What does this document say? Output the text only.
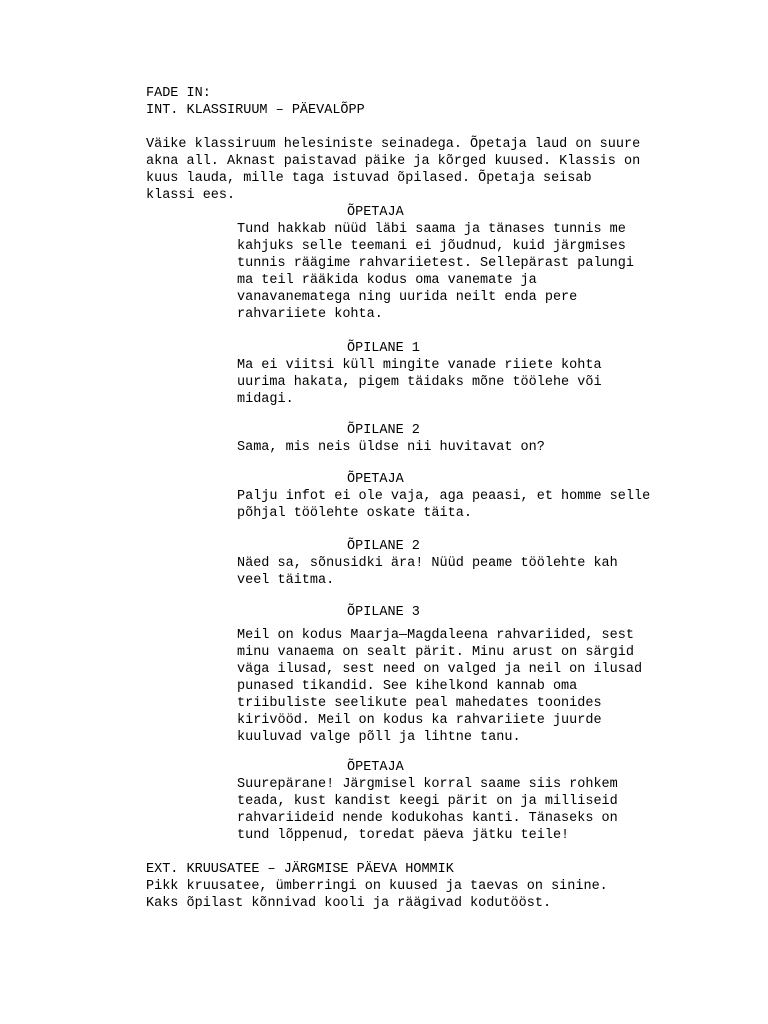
FADE IN:
INT. KLASSIRUUM – PÄEVALÕPP
Väike klassiruum helesiniste seinadega. Õpetaja laud on suure
akna all. Aknast paistavad päike ja kõrged kuused. Klassis on
kuus lauda, mille taga istuvad õpilased. Õpetaja seisab
klassi ees.
ÕPETAJA
Tund hakkab nüüd läbi saama ja tänases tunnis me
kahjuks selle teemani ei jõudnud, kuid järgmises
tunnis räägime rahvariietest. Sellepärast palungi
ma teil rääkida kodus oma vanemate ja
vanavanematega ning uurida neilt enda pere
rahvariiete kohta.
ÕPILANE 1
Ma ei viitsi küll mingite vanade riiete kohta
uurima hakata, pigem täidaks mõne töölehe või
midagi.
ÕPILANE 2
Sama, mis neis üldse nii huvitavat on?
ÕPETAJA
Palju infot ei ole vaja, aga peaasi, et homme selle
põhjal töölehte oskate täita.
ÕPILANE 2
Näed sa, sõnusidki ära! Nüüd peame töölehte kah
veel täitma.
ÕPILANE 3
Meil on kodus Maarja—Magdaleena rahvariided, sest
minu vanaema on sealt pärit. Minu arust on särgid
väga ilusad, sest need on valged ja neil on ilusad
punased tikandid. See kihelkond kannab oma
triibuliste seelikute peal mahedates toonides
kirivööd. Meil on kodus ka rahvariiete juurde
kuuluvad valge põll ja lihtne tanu.
ÕPETAJA
Suurepärane! Järgmisel korral saame siis rohkem
teada, kust kandist keegi pärit on ja milliseid
rahvariideid nende kodukohas kanti. Tänaseks on
tund lõppenud, toredat päeva jätku teile!
EXT. KRUUSATEE – JÄRGMISE PÄEVA HOMMIK
Pikk kruusatee, ümberringi on kuused ja taevas on sinine.
Kaks õpilast kõnnivad kooli ja räägivad kodutööst.
